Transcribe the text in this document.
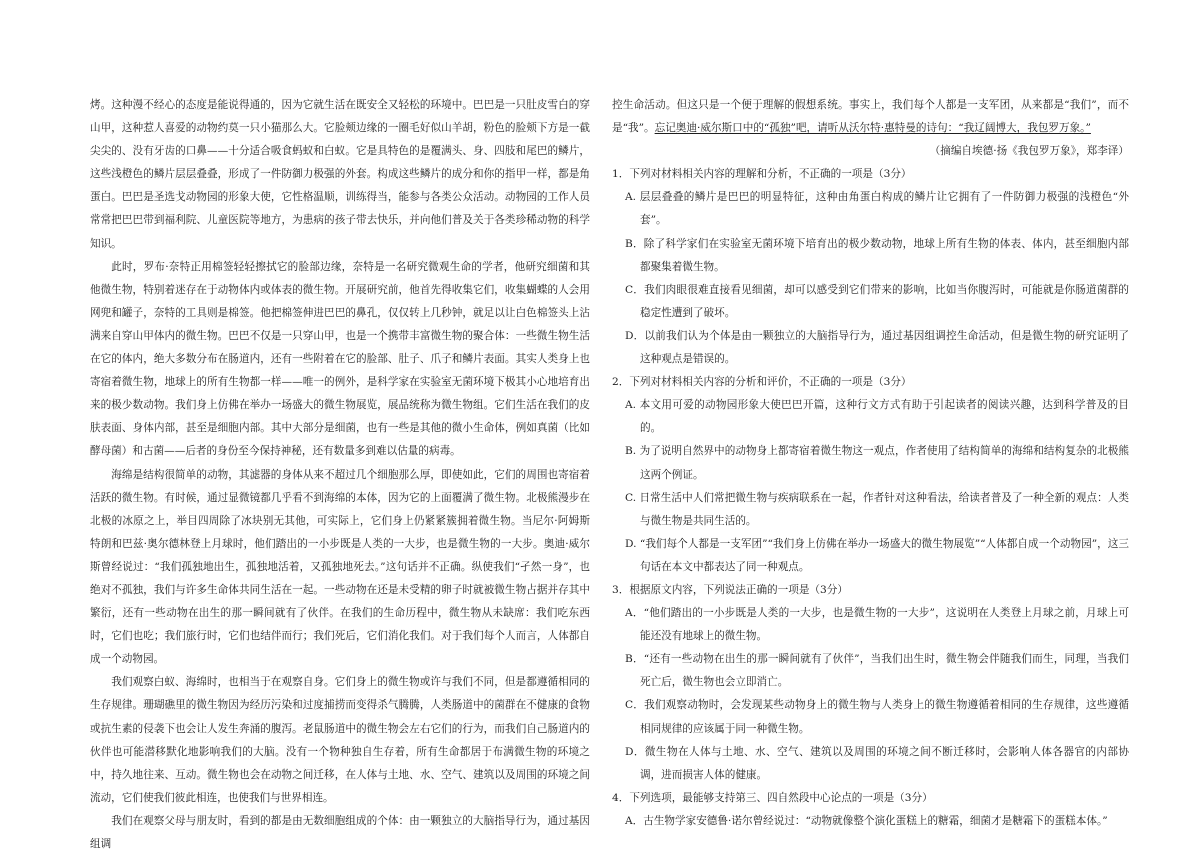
烤。这种漫不经心的态度是能说得通的，因为它就生活在既安全又轻松的环境中。巴巴是一只肚皮雪白的穿山甲，这种惹人喜爱的动物约莫一只小猫那么大。它脸颊边缘的一圈毛好似山羊胡，粉色的脸颊下方是一截尖尖的、没有牙齿的口鼻——十分适合吸食蚂蚁和白蚁。它是具特色的是覆满头、身、四肢和尾巴的鳞片，这些浅橙色的鳞片层层叠叠，形成了一件防御力极强的外套。构成这些鳞片的成分和你的指甲一样，都是角蛋白。巴巴是圣选戈动物园的形象大使，它性格温顺，训练得当，能参与各类公众活动。动物园的工作人员常常把巴巴带到福利院、儿童医院等地方，为患病的孩子带去快乐，并向他们普及关于各类珍稀动物的科学知识。

此时，罗布·奈特正用棉签轻轻擦拭它的脸部边缘，奈特是一名研究微观生命的学者，他研究细菌和其他微生物，特别着迷存在于动物体内或体表的微生物。开展研究前，他首先得收集它们，收集蝴蝶的人会用网兜和罐子，奈特的工具则是棉签。他把棉签伸进巴巴的鼻孔，仅仅转上几秒钟，就足以让白色棉签头上沾满来自穿山甲体内的微生物。巴巴不仅是一只穿山甲，也是一个携带丰富微生物的聚合体：一些微生物生活在它的体内，绝大多数分布在肠道内，还有一些附着在它的脸部、肚子、爪子和鳞片表面。其实人类身上也寄宿着微生物，地球上的所有生物都一样——唯一的例外，是科学家在实验室无菌环境下极其小心地培育出来的极少数动物。我们身上仿佛在举办一场盛大的微生物展览，展品统称为微生物组。它们生活在我们的皮肤表面、身体内部，甚至是细胞内部。其中大部分是细菌，也有一些是其他的微小生命体，例如真菌（比如酵母菌）和古菌——后者的身份至今保持神秘，还有数量多到难以估量的病毒。

海绵是结构很简单的动物，其滤器的身体从来不超过几个细胞那么厚，即使如此，它们的周围也寄宿着活跃的微生物。有时候，通过显微镜都几乎看不到海绵的本体，因为它的上面覆满了微生物。北极熊漫步在北极的冰原之上，举目四周除了冰块别无其他，可实际上，它们身上仍紧紧簇拥着微生物。当尼尔·阿姆斯特朗和巴兹·奥尔德林登上月球时，他们踏出的一小步既是人类的一大步，也是微生物的一大步。奥迪·威尔斯曾经说过：“我们孤独地出生，孤独地活着，又孤独地死去。”这句话并不正确。纵使我们“孑然一身”，也绝对不孤独，我们与许多生命体共同生活在一起。一些动物在还是未受精的卵子时就被微生物占据并存其中繁衍，还有一些动物在出生的那一瞬间就有了伙伴。在我们的生命历程中，微生物从未缺席：我们吃东西时，它们也吃；我们旅行时，它们也结伴而行；我们死后，它们消化我们。对于我们每个人而言，人体都自成一个动物园。

我们观察白蚁、海绵时，也相当于在观察自身。它们身上的微生物或许与我们不同，但是都遵循相同的生存规律。珊瑚礁里的微生物因为经历污染和过度捕捞而变得杀气腾腾，人类肠道中的菌群在不健康的食物或抗生素的侵袭下也会让人发生奔涌的腹泻。老鼠肠道中的微生物会左右它们的行为，而我们自己肠道内的伙伴也可能潜移默化地影响我们的大脑。没有一个物种独自生存着，所有生命都居于布满微生物的环境之中，持久地往来、互动。微生物也会在动物之间迁移，在人体与土地、水、空气、建筑以及周围的环境之间流动，它们使我们彼此相连，也使我们与世界相连。

我们在观察父母与朋友时，看到的都是由无数细胞组成的个体：由一颗独立的大脑指导行为，通过基因组调

控生命活动。但这只是一个便于理解的假想系统。事实上，我们每个人都是一支军团，从来都是“我们”，而不是“我”。忘记奥迪·威尔斯口中的“孤独”吧，请听从沃尔特·惠特曼的诗句：“我辽阔博大，我包罗万象。”

（摘编自埃德·扬《我包罗万象》，郑李译）

1．下列对材料相关内容的理解和分析，不正确的一项是（3分）

A. 层层叠叠的鳞片是巴巴的明显特征，这种由角蛋白构成的鳞片让它拥有了一件防御力极强的浅橙色“外套”。

B．除了科学家们在实验室无菌环境下培育出的极少数动物，地球上所有生物的体表、体内，甚至细胞内部都聚集着微生物。

C．我们肉眼很难直接看见细菌，却可以感受到它们带来的影响，比如当你腹泻时，可能就是你肠道菌群的稳定性遭到了破坏。

D．以前我们认为个体是由一颗独立的大脑指导行为，通过基因组调控生命活动，但是微生物的研究证明了这种观点是错误的。

2．下列对材料相关内容的分析和评价，不正确的一项是（3分）

A. 本文用可爱的动物园形象大使巴巴开篇，这种行文方式有助于引起读者的阅读兴趣，达到科学普及的目的。

B. 为了说明自然界中的动物身上都寄宿着微生物这一观点，作者使用了结构简单的海绵和结构复杂的北极熊这两个例证。

C. 日常生活中人们常把微生物与疾病联系在一起，作者针对这种看法，给读者普及了一种全新的观点：人类与微生物是共同生活的。

D. “我们每个人都是一支军团”“我们身上仿佛在举办一场盛大的微生物展览”“人体都自成一个动物园”，这三句话在本文中都表达了同一种观点。

3．根据原文内容，下列说法正确的一项是（3分）

A．“他们踏出的一小步既是人类的一大步，也是微生物的一大步”，这说明在人类登上月球之前，月球上可能还没有地球上的微生物。

B．“还有一些动物在出生的那一瞬间就有了伙伴”，当我们出生时，微生物会伴随我们而生，同理，当我们死亡后，微生物也会立即消亡。

C．我们观察动物时，会发现某些动物身上的微生物与人类身上的微生物遵循着相同的生存规律，这些遵循相同规律的应该属于同一种微生物。

D．微生物在人体与土地、水、空气、建筑以及周围的环境之间不断迁移时，会影响人体各器官的内部协调，进而损害人体的健康。

4．下列选项，最能够支持第三、四自然段中心论点的一项是（3分）

A．古生物学家安德鲁·诺尔曾经说过：“动物就像整个演化蛋糕上的糖霜，细菌才是糖霜下的蛋糕本体。”
